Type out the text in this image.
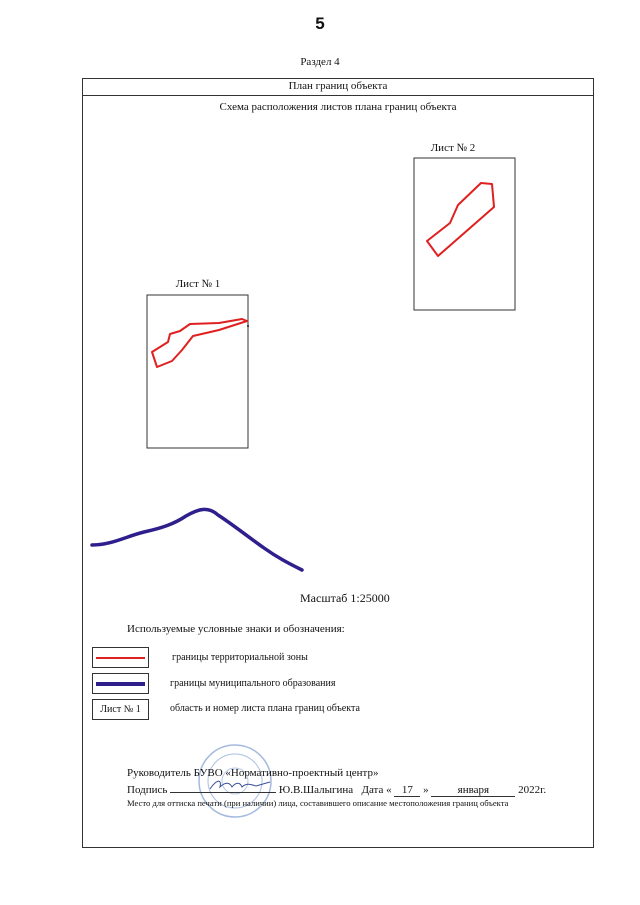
5
Раздел 4
План границ объекта
Схема расположения листов плана границ объекта
Лист № 2
Лист № 1
Масштаб 1:25000
Используемые условные знаки и обозначения:
границы территориальной зоны
границы муниципального образования
Лист № 1	область и номер листа плана границ объекта
Руководитель БУВО «Нормативно-проектный центр»
Подпись	Ю.В.Шалыгина Дата « 17 »	января	2022г.
Место для оттиска печати (при наличии) лица, составившего описание местоположения границ объекта
